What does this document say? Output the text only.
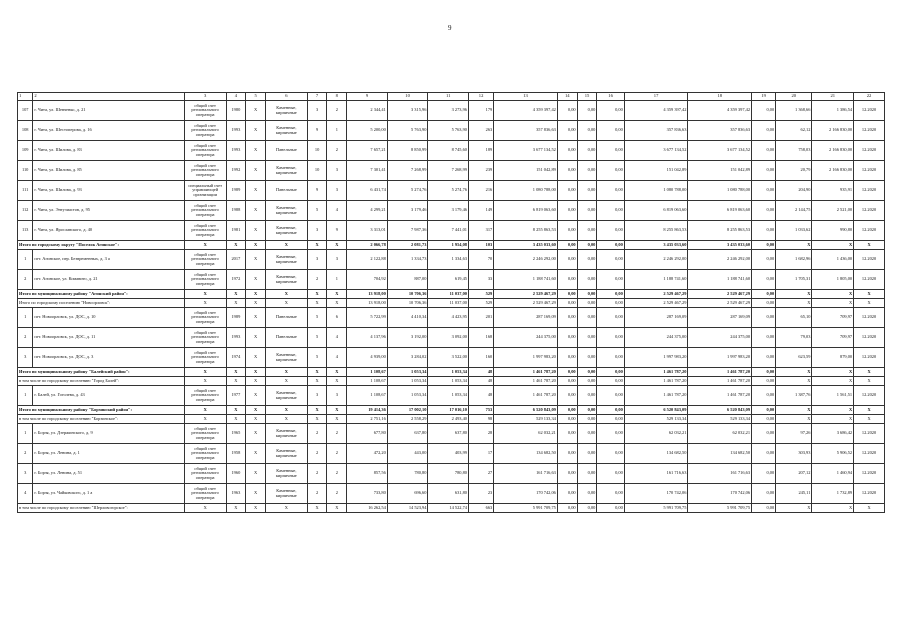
9
1	2	3	4	5	6	7	8	9	10	11	12	13	14	15	16	17	18	19	20	21	22
107	г. Чита, ул. Шевченко, д. 21	общий счет регионального оператора	1980	Х	Каменные, кирпичные	3	2	2 344,41	3 315,96	3 273,96	179	4 359 397,42	0,00	0,00	0,00	4 359 397,42	4 359 397,42	0,00	1 368,66	1 386,54	12.2020
108	г. Чита, ул. Шестоперова, д. 16	общий счет регионального оператора	1993	Х	Каменные, кирпичные	9	1	5 200,00	5 763,90	5 763,90	263	357 836,63	0,00	0,00	0,00	357 836,63	357 836,63	0,00	62,12	2 166 830,00	12.2020
109	г. Чита, ул. Шилова, д. 83	общий счет регионального оператора	1993	Х	Панельные	10	2	7 657,21	8 850,99	8 745,60	189	3 677 134,52	0,00	0,00	0,00	3 677 134,52	3 677 134,52	0,00	758,03	2 166 830,00	12.2020
110	г. Чита, ул. Шилова, д. 85	общий счет регионального оператора	1992	Х	Каменные, кирпичные	10	3	7 301,41	7 268,99	7 268,99	239	151 042,89	0,00	0,00	0,00	151 042,89	151 042,89	0,00	20,79	2 166 830,00	12.2020
111	г. Чита, ул. Шилова, д. 93	специальный счет управляющей организации	1989	Х	Панельные	9	3	6 431,74	5 274,76	5 274,76	216	1 080 788,00	0,00	0,00	0,00	1 080 788,00	1 080 788,00	0,00	204,90	935,91	12.2020
112	г. Чита, ул. Энтузиастов, д. 95	общий счет регионального оператора	1988	Х	Каменные, кирпичные	5	4	4 299,21	3 179,46	3 179,46	149	6 819 063,60	0,00	0,00	0,00	6 819 063,60	6 819 063,60	0,00	2 144,75	2 521,00	12.2020
113	г. Чита, ул. Ярославского, д. 40	общий счет регионального оператора	1981	Х	Каменные, кирпичные	3	9	3 313,01	7 987,36	7 441,01	317	8 255 863,53	0,00	0,00	0,00	8 255 863,53	8 255 863,53	0,00	1 033,62	990,80	12.2020
Итого по городскому округу "Поселок Агинское":		Х	Х	Х	Х	Х	Х	2 066,78	2 081,73	1 954,08	103	3 435 033,60	0,00	0,00	0,00	3 435 033,60	3 435 033,60	0,00	Х	Х	Х
1	пгт. Агинское, пер. Безвременных, д. 3 а	общий счет регионального оператора	2017	Х	Каменные, кирпичные	3	3	2 122,88	1 334,73	1 334,63	70	2 246 292,00	0,00	0,00	0,00	2 246 292,00	2 246 292,00	0,00	1 682,96	1 436,00	12.2020
2	пгт. Агинское, ул. Комавито, д. 21	общий счет регионального оператора	1972	Х	Каменные, кирпичные	2	1	704,92	887,00	619,45	33	1 188 741,60	0,00	0,00	0,00	1 188 741,60	1 188 741,60	0,00	1 705,31	1 805,00	12.2020
Итого по муниципальному району "Агинский район":		Х	Х	Х	Х	Х	Х	13 918,00	10 706,36	11 037,00	529	2 529 467,29	0,00	0,00	0,00	2 529 467,29	2 529 467,29	0,00	Х	Х	Х
Итого по городскому поселению "Новоорловск":		Х	Х	Х	Х	Х	Х	13 918,00	10 706,36	11 037,00	529	2 529 467,29	0,00	0,00	0,00	2 529 467,29	2 529 467,29	0,00	Х	Х	Х
1	пгт. Новоорловск, ул. ДОС, д. 10	общий счет регионального оператора	1989	Х	Панельные	5	6	5 722,99	4 410,34	4 423,95	201	287 169,09	0,00	0,00	0,00	287 169,09	287 169,09	0,00	65,10	709,97	12.2020
2	пгт. Новоорловск, ул. ДОС, д. 11	общий счет регионального оператора	1993	Х	Панельные	5	4	4 137,96	3 192,00	3 092,00	168	244 375,00	0,00	0,00	0,00	244 375,00	244 375,00	0,00	79,03	709,97	12.2020
3	пгт. Новоорловск, ул. ДОС, д. 3	общий счет регионального оператора	1974	Х	Каменные, кирпичные	5	4	4 939,00	3 284,02	3 522,00	160	1 997 983,20	0,00	0,00	0,00	1 997 983,20	1 997 983,20	0,00	623,59	879,00	12.2020
Итого по муниципальному району "Балейский район":		Х	Х	Х	Х	Х	Х	1 108,67	1 053,34	1 053,34	48	1 461 787,20	0,00	0,00	0,00	1 461 787,20	1 461 787,20	0,00	Х	Х	Х
в том числе по городскому поселению "Город Балей":		Х	Х	Х	Х	Х	Х	1 108,67	1 053,34	1 053,34	48	1 461 787,20	0,00	0,00	0,00	1 461 787,20	1 461 787,20	0,00	Х	Х	Х
1	г. Балей, ул. Гоголева, д. 43	общий счет регионального оператора	1977	Х	Каменные, кирпичные	3	3	1 108,67	1 053,34	1 053,34	48	1 461 787,20	0,00	0,00	0,00	1 461 787,20	1 461 787,20	0,00	1 387,76	1 561,51	12.2020
Итого по муниципальному району "Борзинский район":		Х	Х	Х	Х	Х	Х	19 414,36	17 002,10	17 016,10	753	6 520 843,09	0,00	0,00	0,00	6 520 843,09	6 520 843,09	0,00	Х	Х	Х
в том числе по городскому поселению "Борзинское":		Х	Х	Х	Х	Х	Х	2 751,16	2 558,29	2 493,40	98	529 133,34	0,00	0,00	0,00	529 133,34	529 133,34	0,00	Х	Х	Х
1	г. Борзя, ул. Дзержинского, д. 9	общий счет регионального оператора	1965	Х	Каменные, кирпичные	2	2	677,80	637,80	637,80	28	62 032,21	0,00	0,00	0,00	62 032,21	62 032,21	0,00	97,26	3 686,42	12.2020
2	г. Борзя, ул. Ленина, д. 1	общий счет регионального оператора	1958	Х	Каменные, кирпичные	2	2	472,20	443,00	403,99	17	134 682,50	0,00	0,00	0,00	134 682,50	134 682,50	0,00	303,93	5 906,52	12.2020
3	г. Борзя, ул. Ленина, д. 51	общий счет регионального оператора	1960	Х	Каменные, кирпичные	2	2	857,56	780,80	780,80	27	161 716,63	0,00	0,00	0,00	161 716,63	161 716,63	0,00	207,12	1 460,94	12.2020
4	г. Борзя, ул. Чайковского, д. 1 а	общий счет регионального оператора	1963	Х	Каменные, кирпичные	2	2	733,80	696,60	631,80	23	170 742,06	0,00	0,00	0,00	170 742,06	170 742,06	0,00	245,11	1 732,89	12.2020
в том числе по городскому поселению "Шерловогорское":		Х	Х	Х	Х	Х	Х	16 262,54	14 523,94	14 522,74	663	5 991 709,75	0,00	0,00	0,00	5 991 709,75	5 991 709,75	0,00	Х	Х	Х
